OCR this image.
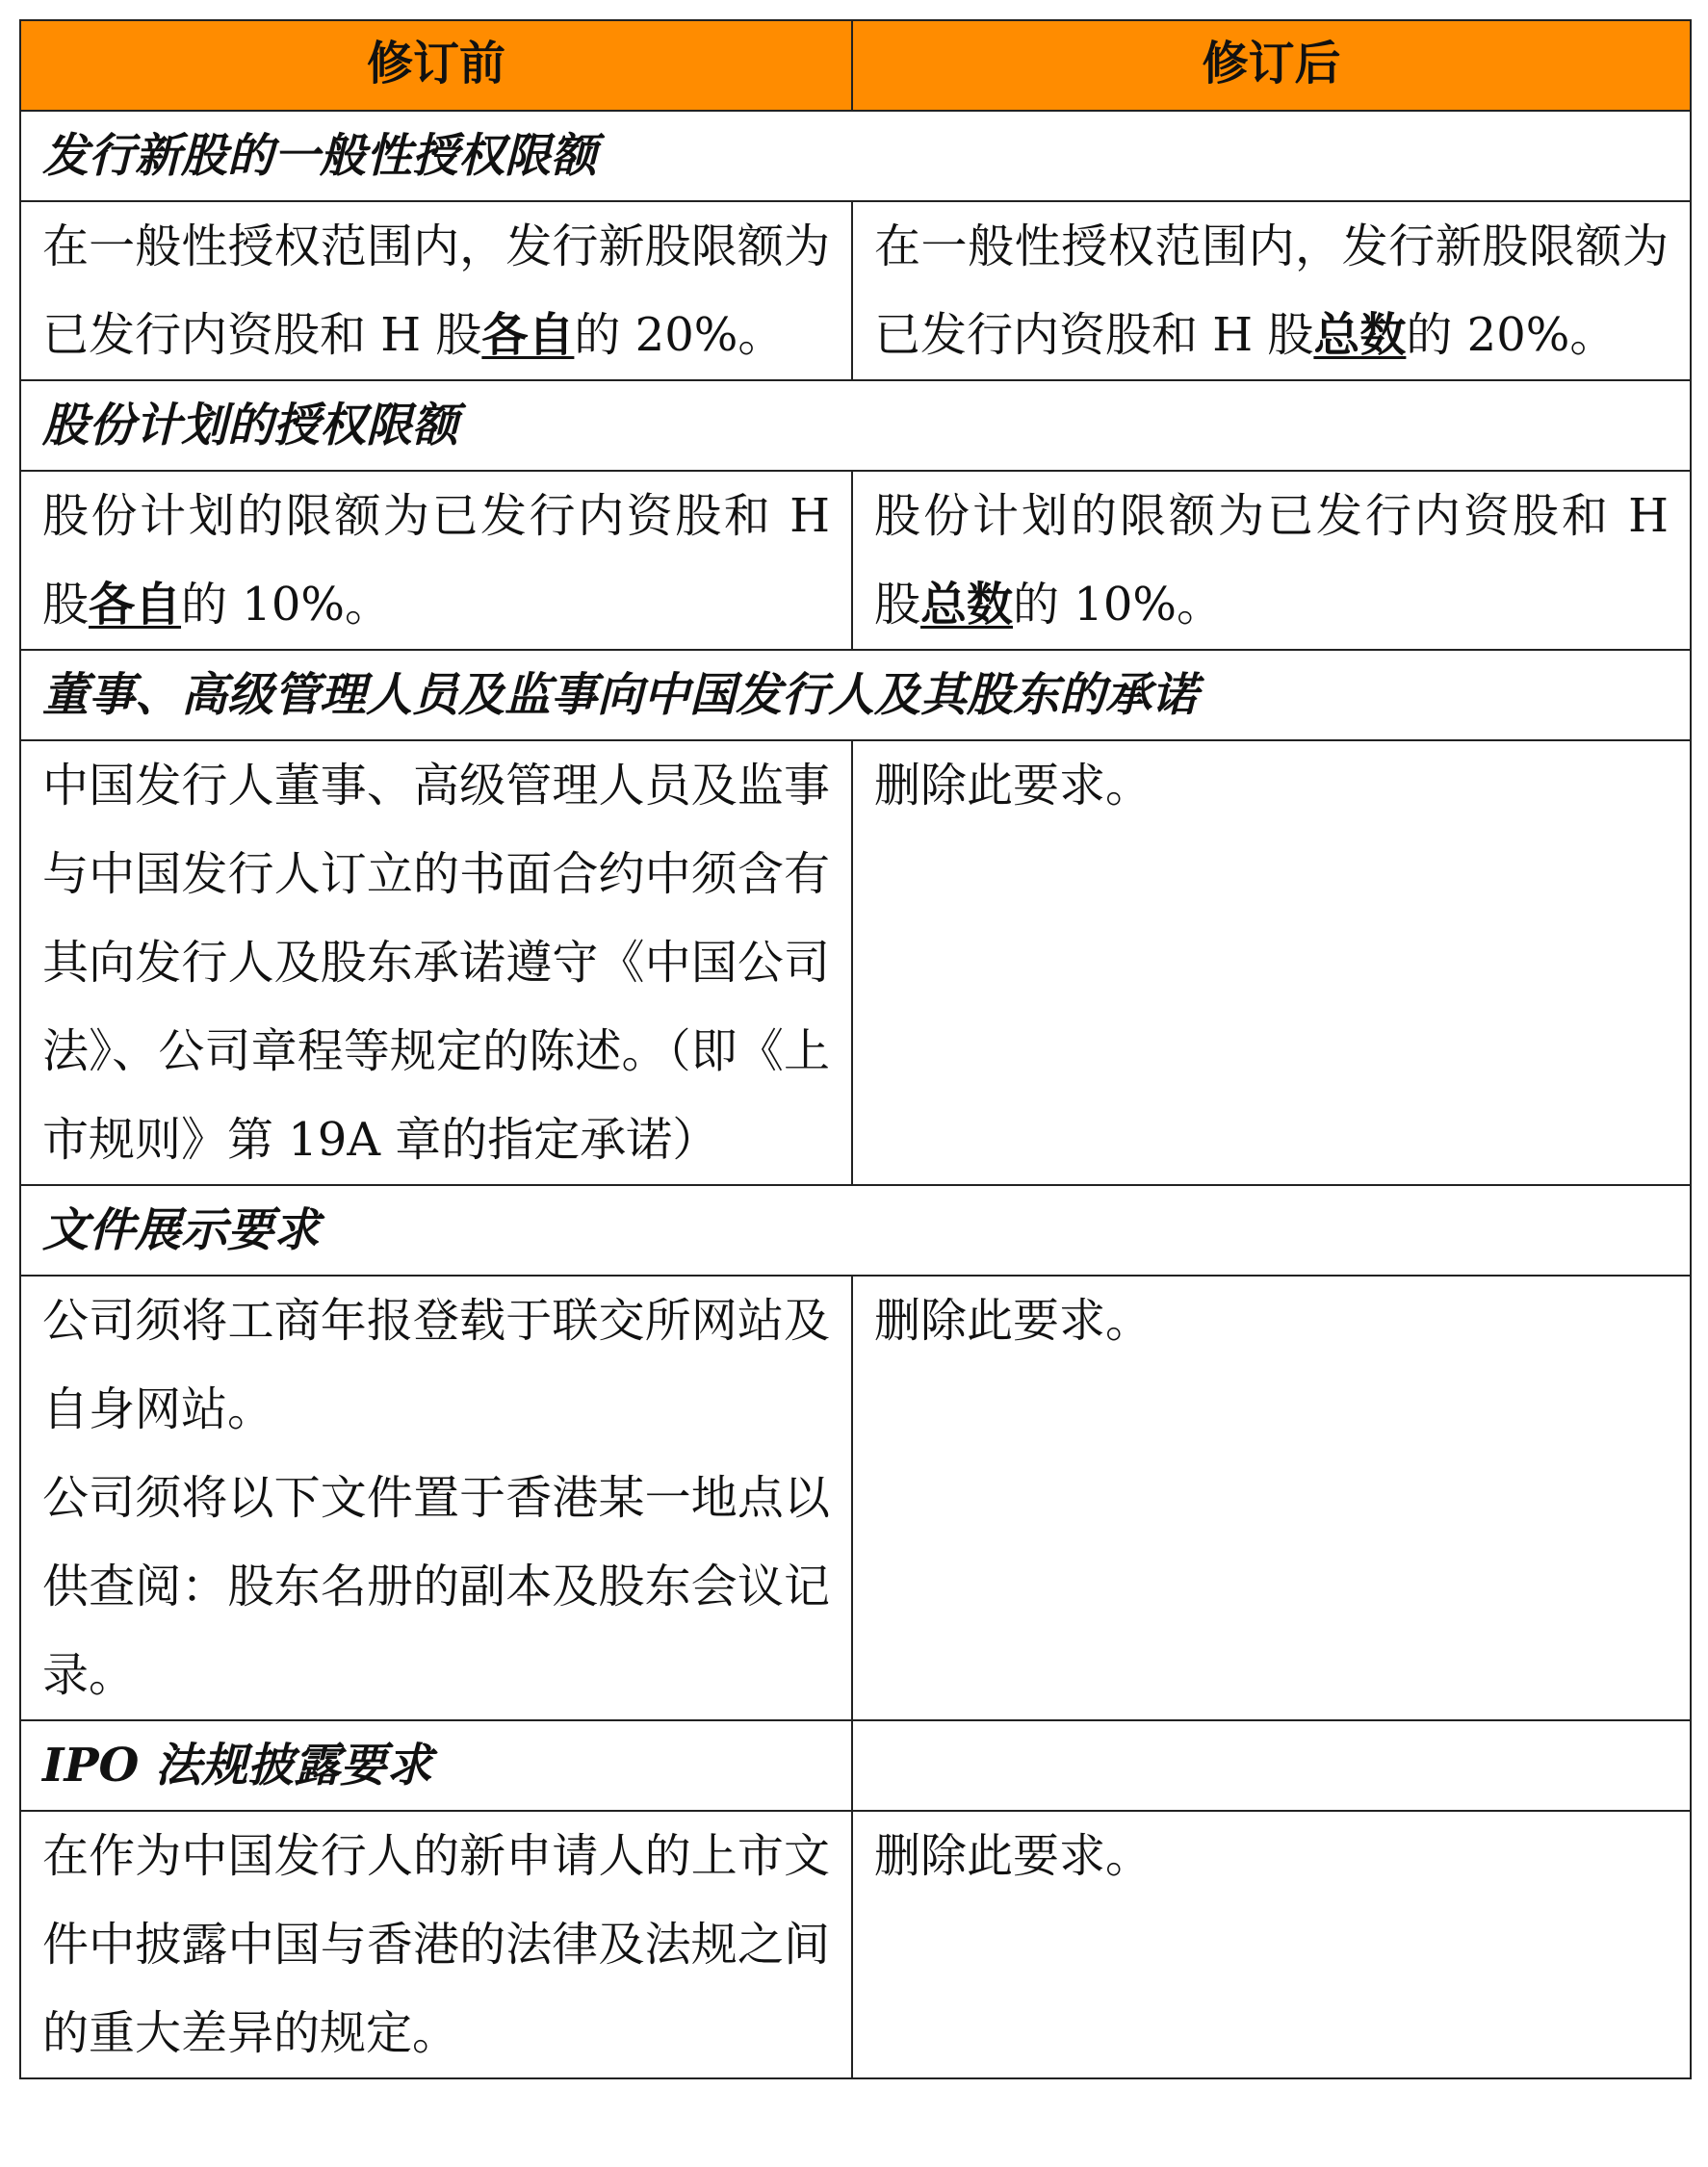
修订前	修订后
发行新股的一般性授权限额	
在一般性授权范围内，发行新股限额为已发行内资股和 H 股各自的 20%。	在一般性授权范围内，发行新股限额为已发行内资股和 H 股总数的 20%。
股份计划的授权限额	
股份计划的限额为已发行内资股和 H 股各自的 10%。	股份计划的限额为已发行内资股和 H 股总数的 10%。
董事、高级管理人员及监事向中国发行人及其股东的承诺	

中国发行人董事、高级管理人员及监事与中国发行人订立的书面合约中须含有其向发行人及股东承诺遵守《中国公司法》、公司章程等规定的陈述。（即《上市规则》第 19A 章的指定承诺）	删除此要求。
文件展示要求	

公司须将工商年报登载于联交所网站及自身网站。
公司须将以下文件置于香港某一地点以供查阅：股东名册的副本及股东会议记录。	删除此要求。
IPO 法规披露要求	

在作为中国发行人的新申请人的上市文件中披露中国与香港的法律及法规之间的重大差异的规定。	删除此要求。
